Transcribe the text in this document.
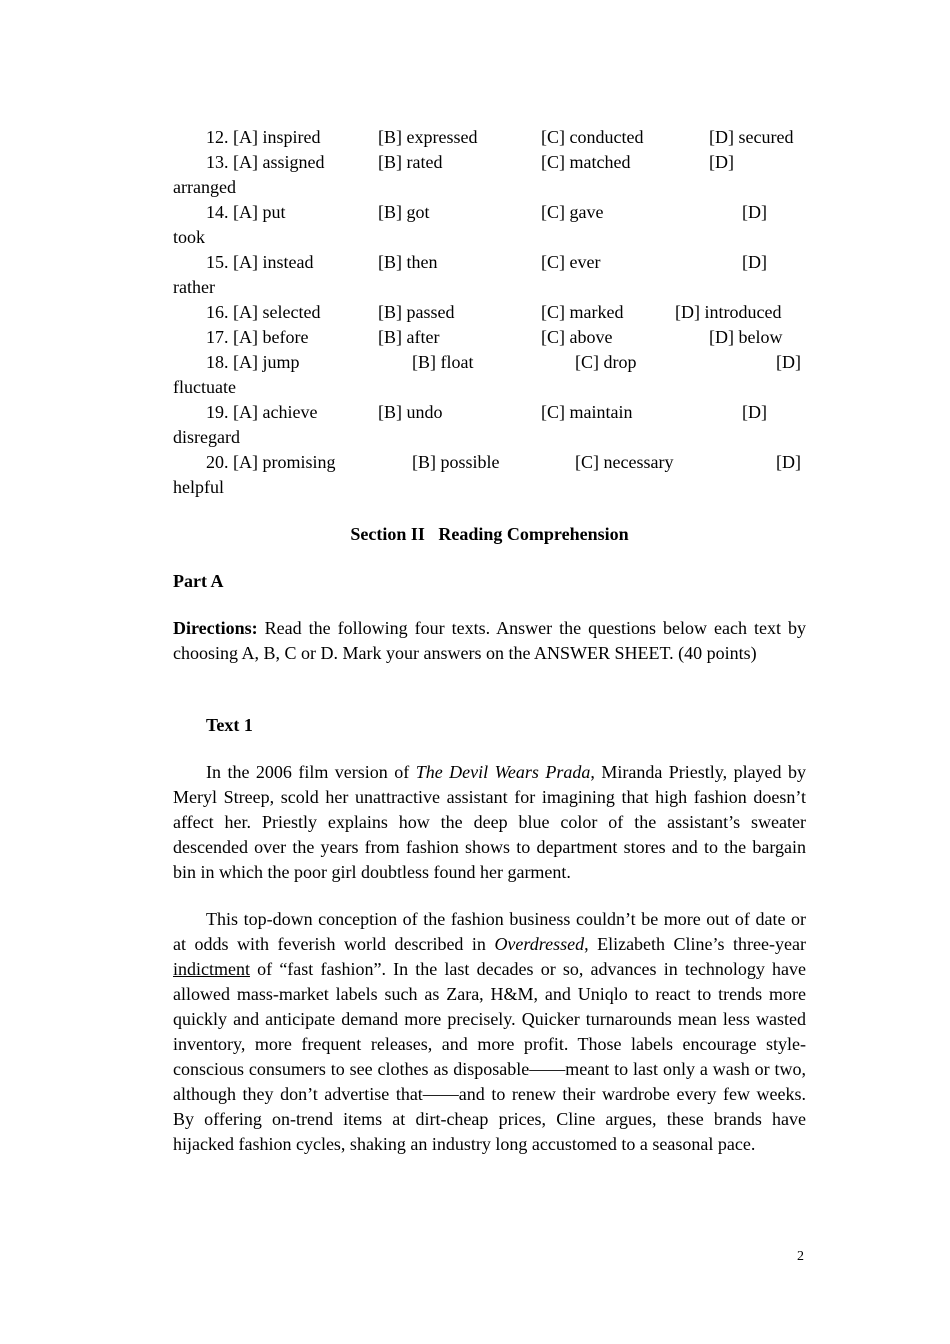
12. [A] inspired	[B] expressed	[C] conducted	[D] secured
13. [A] assigned	[B] rated	[C] matched	[D]
arranged
14. [A] put	[B] got	[C] gave	[D]
took
15. [A] instead	[B] then	[C] ever	[D]
rather
16. [A] selected	[B] passed	[C] marked	[D] introduced
17. [A] before	[B] after	[C] above	[D] below
18. [A] jump	[B] float	[C] drop	[D]
fluctuate
19. [A] achieve	[B] undo	[C] maintain	[D]
disregard
20. [A] promising	[B] possible	[C] necessary	[D]
helpful
Section II   Reading Comprehension
Part A
Directions: Read the following four texts. Answer the questions below each text by choosing A, B, C or D. Mark your answers on the ANSWER SHEET. (40 points)
Text 1
In the 2006 film version of The Devil Wears Prada, Miranda Priestly, played by Meryl Streep, scold her unattractive assistant for imagining that high fashion doesn’t affect her. Priestly explains how the deep blue color of the assistant’s sweater descended over the years from fashion shows to department stores and to the bargain bin in which the poor girl doubtless found her garment.
This top-down conception of the fashion business couldn’t be more out of date or at odds with feverish world described in Overdressed, Elizabeth Cline’s three-year indictment of “fast fashion”. In the last decades or so, advances in technology have allowed mass-market labels such as Zara, H&M, and Uniqlo to react to trends more quickly and anticipate demand more precisely. Quicker turnarounds mean less wasted inventory, more frequent releases, and more profit. Those labels encourage style-conscious consumers to see clothes as disposable——meant to last only a wash or two, although they don’t advertise that——and to renew their wardrobe every few weeks. By offering on-trend items at dirt-cheap prices, Cline argues, these brands have hijacked fashion cycles, shaking an industry long accustomed to a seasonal pace.
2
